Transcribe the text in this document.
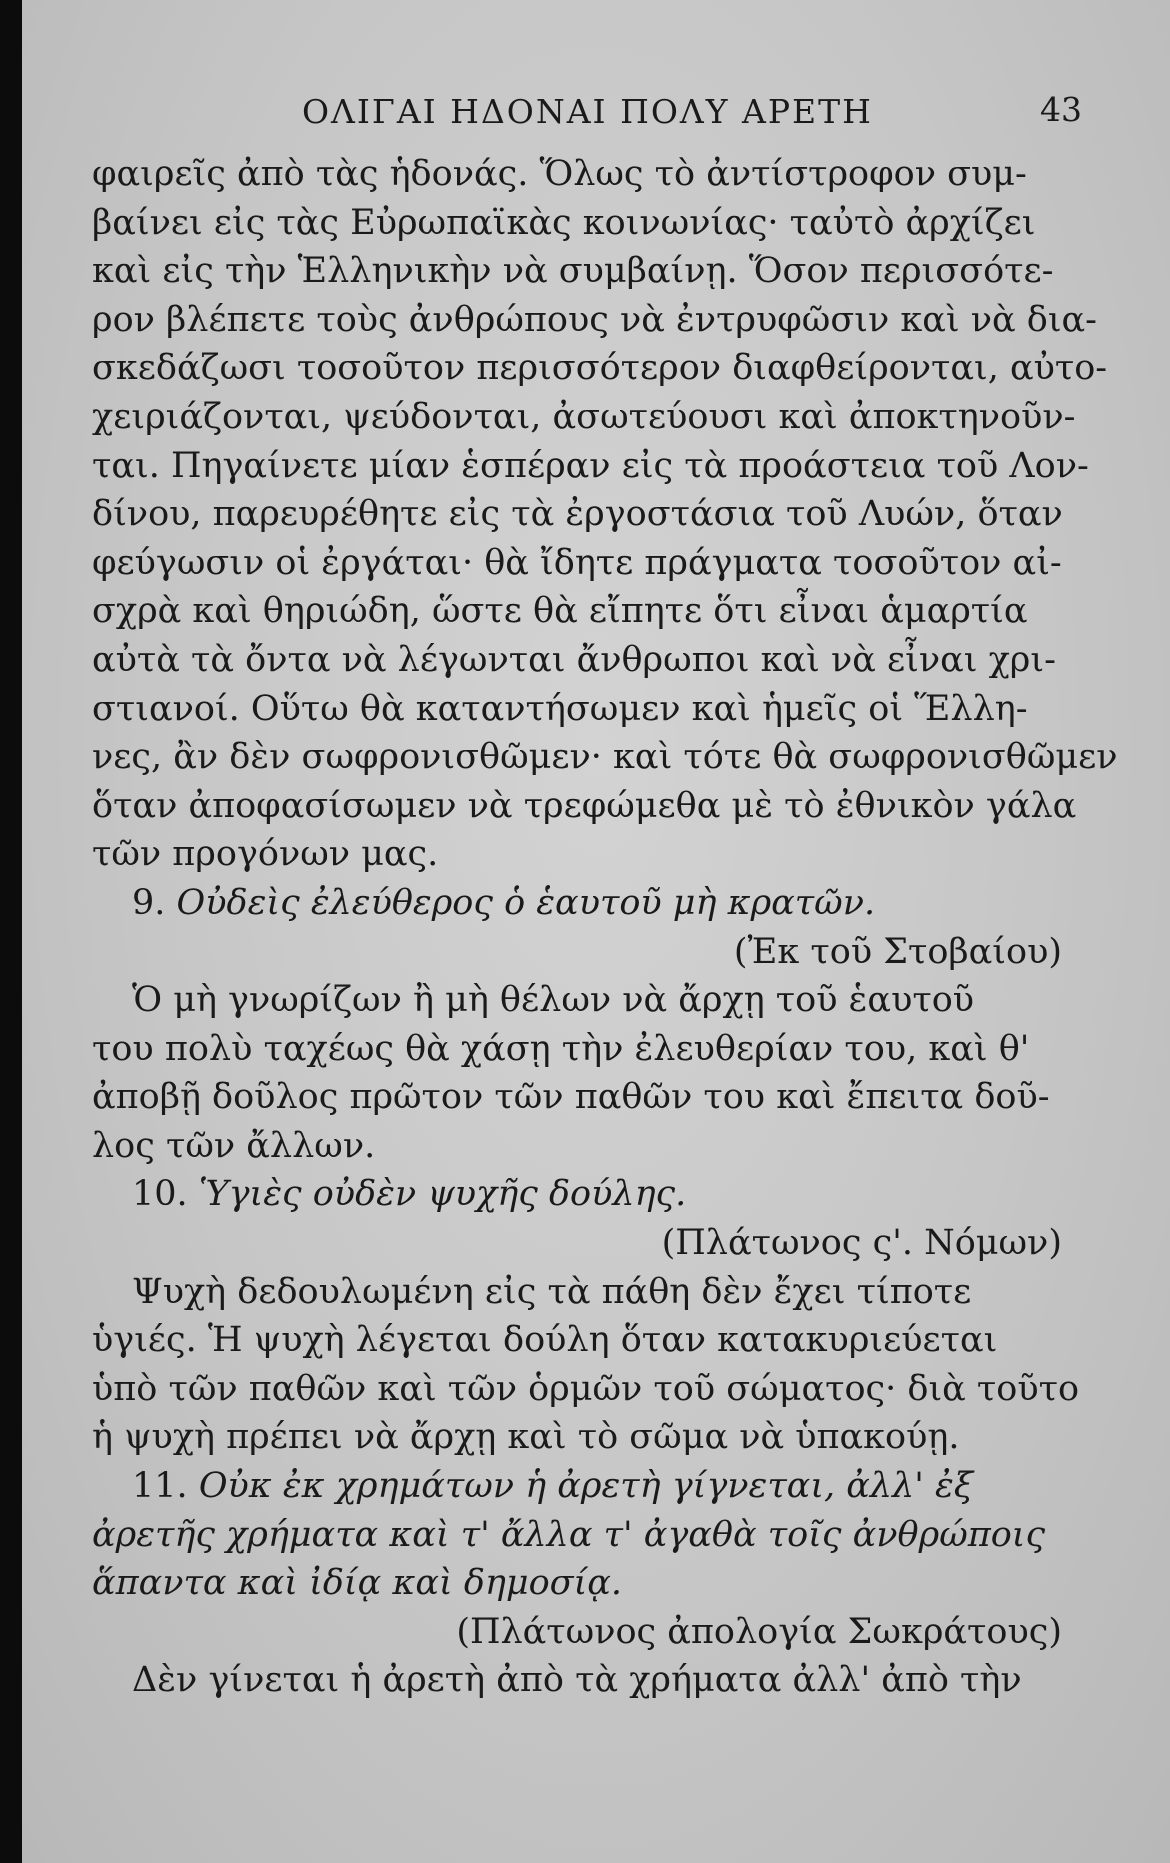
ΟΛΙΓΑΙ ΗΔΟΝΑΙ ΠΟΛΥ ΑΡΕΤΗ	43
φαιρεῖς ἀπὸ τὰς ἡδονάς. Ὅλως τὸ ἀντίστροφον συμ-
βαίνει εἰς τὰς Εὐρωπαϊκὰς κοινωνίας· ταὐτὸ ἀρχίζει
καὶ εἰς τὴν Ἑλληνικὴν νὰ συμβαίνῃ. Ὅσον περισσότε-
ρον βλέπετε τοὺς ἀνθρώπους νὰ ἐντρυφῶσιν καὶ νὰ δια-
σκεδάζωσι τοσοῦτον περισσότερον διαφθείρονται, αὐτο-
χειριάζονται, ψεύδονται, ἀσωτεύουσι καὶ ἀποκτηνοῦν-
ται. Πηγαίνετε μίαν ἑσπέραν εἰς τὰ προάστεια τοῦ Λον-
δίνου, παρευρέθητε εἰς τὰ ἐργοστάσια τοῦ Λυών, ὅταν
φεύγωσιν οἱ ἐργάται· θὰ ἴδητε πράγματα τοσοῦτον αἰ-
σχρὰ καὶ θηριώδη, ὥστε θὰ εἴπητε ὅτι εἶναι ἁμαρτία
αὐτὰ τὰ ὄντα νὰ λέγωνται ἄνθρωποι καὶ νὰ εἶναι χρι-
στιανοί. Οὕτω θὰ καταντήσωμεν καὶ ἡμεῖς οἱ Ἕλλη-
νες, ἂν δὲν σωφρονισθῶμεν· καὶ τότε θὰ σωφρονισθῶμεν
ὅταν ἀποφασίσωμεν νὰ τρεφώμεθα μὲ τὸ ἐθνικὸν γάλα
τῶν προγόνων μας.
9. Οὐδεὶς ἐλεύθερος ὁ ἑαυτοῦ μὴ κρατῶν.
(Ἐκ τοῦ Στοβαίου)
Ὁ μὴ γνωρίζων ἢ μὴ θέλων νὰ ἄρχῃ τοῦ ἑαυτοῦ
του πολὺ ταχέως θὰ χάσῃ τὴν ἐλευθερίαν του, καὶ θ'
ἀποβῇ δοῦλος πρῶτον τῶν παθῶν του καὶ ἔπειτα δοῦ-
λος τῶν ἄλλων.
10. Ὑγιὲς οὐδὲν ψυχῆς δούλης.
(Πλάτωνος ς'. Νόμων)
Ψυχὴ δεδουλωμένη εἰς τὰ πάθη δὲν ἔχει τίποτε
ὑγιές. Ἡ ψυχὴ λέγεται δούλη ὅταν κατακυριεύεται
ὑπὸ τῶν παθῶν καὶ τῶν ὁρμῶν τοῦ σώματος· διὰ τοῦτο
ἡ ψυχὴ πρέπει νὰ ἄρχῃ καὶ τὸ σῶμα νὰ ὑπακούῃ.
11. Οὐκ ἐκ χρημάτων ἡ ἀρετὴ γίγνεται, ἀλλ' ἐξ
ἀρετῆς χρήματα καὶ τ' ἄλλα τ' ἀγαθὰ τοῖς ἀνθρώποις
ἅπαντα καὶ ἰδίᾳ καὶ δημοσίᾳ.
(Πλάτωνος ἀπολογία Σωκράτους)
Δὲν γίνεται ἡ ἀρετὴ ἀπὸ τὰ χρήματα ἀλλ' ἀπὸ τὴν
